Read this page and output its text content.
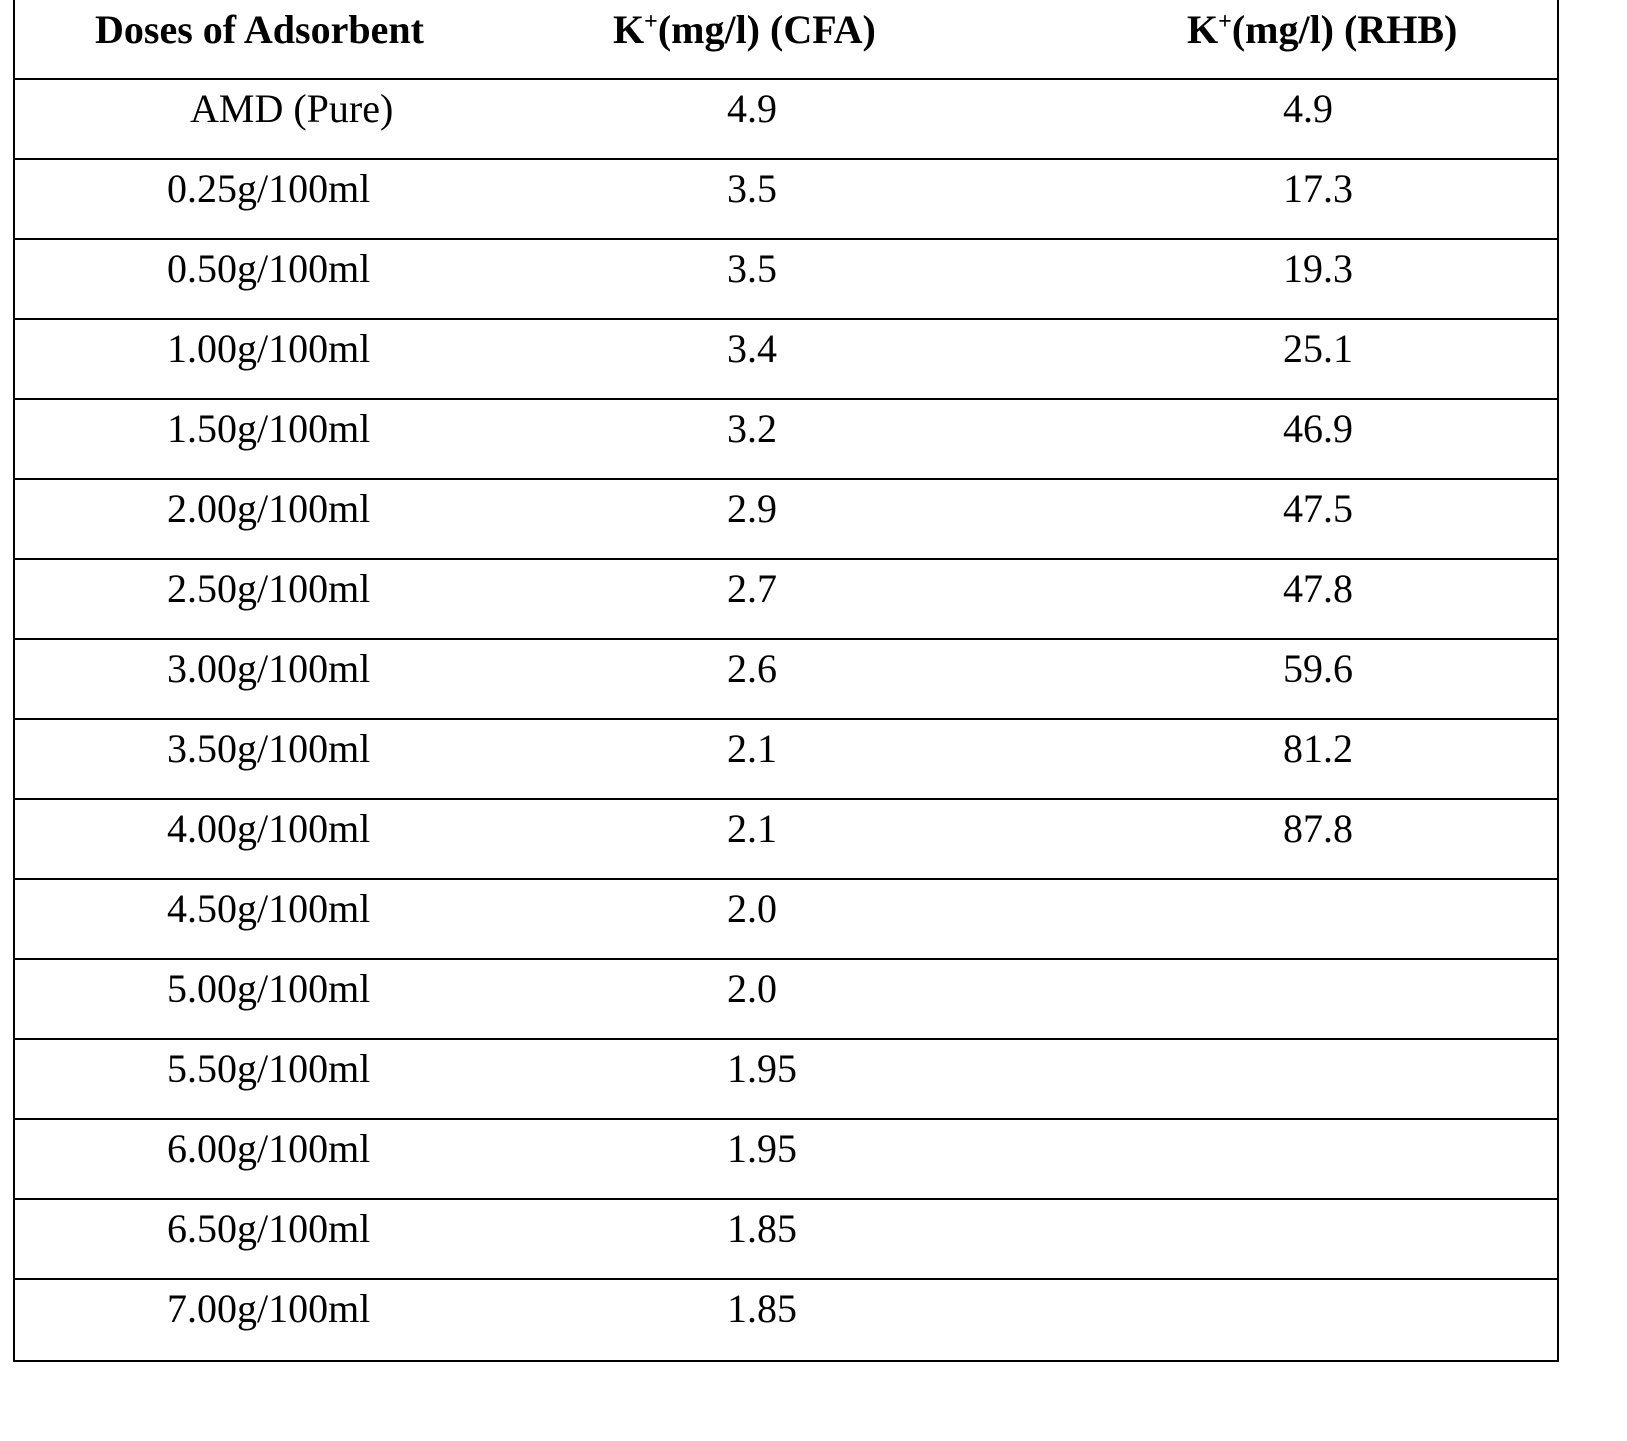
Doses of Adsorbent	K+(mg/l) (CFA)	K+(mg/l) (RHB)
AMD (Pure)	4.9	4.9
0.25g/100ml	3.5	17.3
0.50g/100ml	3.5	19.3
1.00g/100ml	3.4	25.1
1.50g/100ml	3.2	46.9
2.00g/100ml	2.9	47.5
2.50g/100ml	2.7	47.8
3.00g/100ml	2.6	59.6
3.50g/100ml	2.1	81.2
4.00g/100ml	2.1	87.8
4.50g/100ml	2.0
5.00g/100ml	2.0
5.50g/100ml	1.95
6.00g/100ml	1.95
6.50g/100ml	1.85
7.00g/100ml	1.85
